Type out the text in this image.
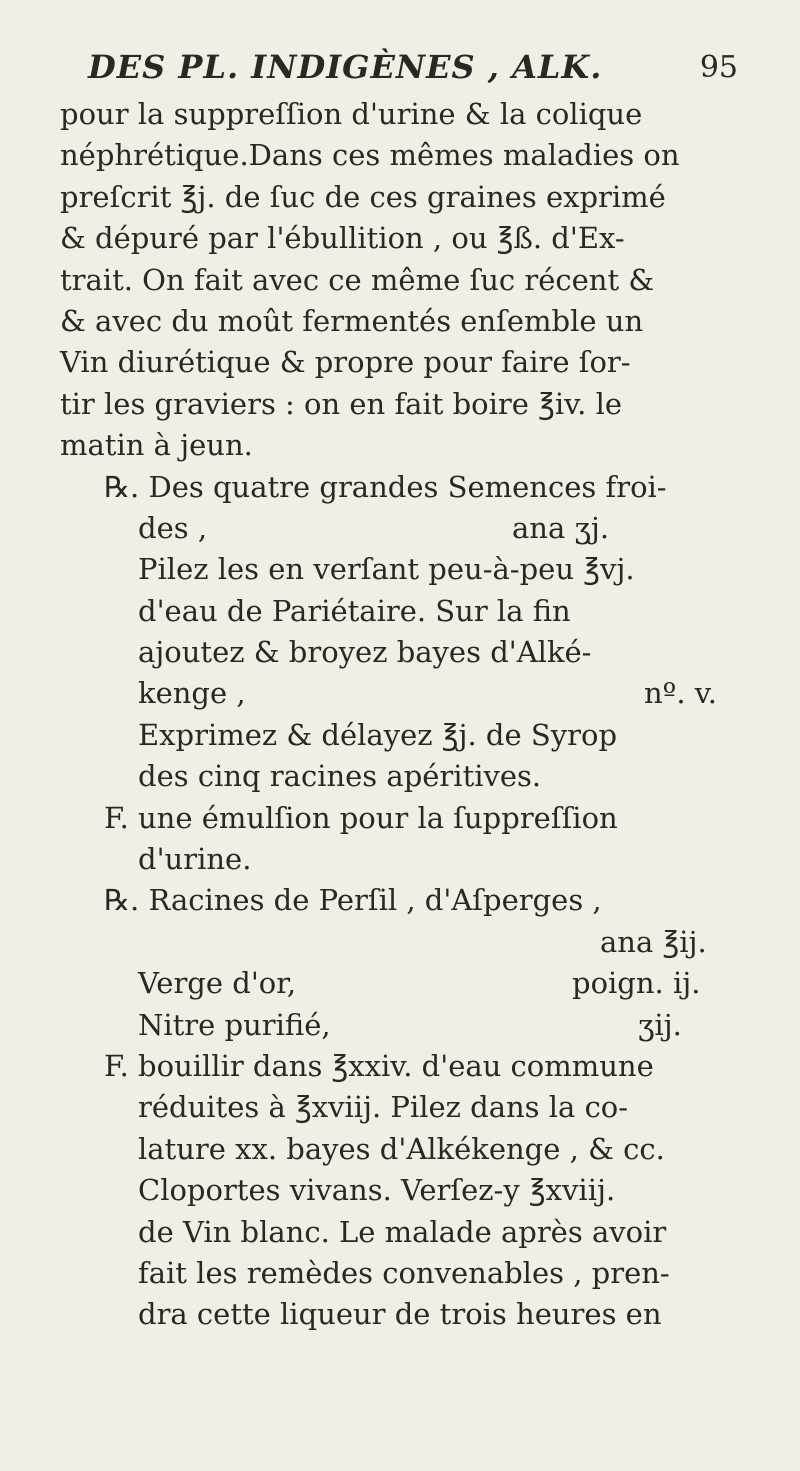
DES PL. INDIGÈNES , ALK.	95
pour la suppreſſion d'urine & la colique
néphrétique.Dans ces mêmes maladies on
preſcrit ℥j. de ſuc de ces graines exprimé
& dépuré par l'ébullition , ou ℥ß. d'Ex-
trait. On fait avec ce même ſuc récent &
& avec du moût fermentés enſemble un
Vin diurétique & propre pour faire ſor-
tir les graviers : on en fait boire ℥iv. le
matin à jeun.
℞. Des quatre grandes Semences froi-
des ,	ana ʒj.
Pilez les en verſant peu-à-peu ℥vj.
d'eau de Pariétaire. Sur la fin
ajoutez & broyez bayes d'Alké-
kenge ,	nº. v.
Exprimez & délayez ℥j. de Syrop
des cinq racines apéritives.
F. une émulſion pour la ſuppreſſion
d'urine.
℞. Racines de Perſil , d'Aſperges ,
ana ℥ij.
Verge d'or,	poign. ij.
Nitre purifié,	ʒij.
F. bouillir dans ℥xxiv. d'eau commune
réduites à ℥xviij. Pilez dans la co-
lature xx. bayes d'Alkékenge , & cc.
Cloportes vivans. Verſez-y ℥xviij.
de Vin blanc. Le malade après avoir
fait les remèdes convenables , pren-
dra cette liqueur de trois heures en
